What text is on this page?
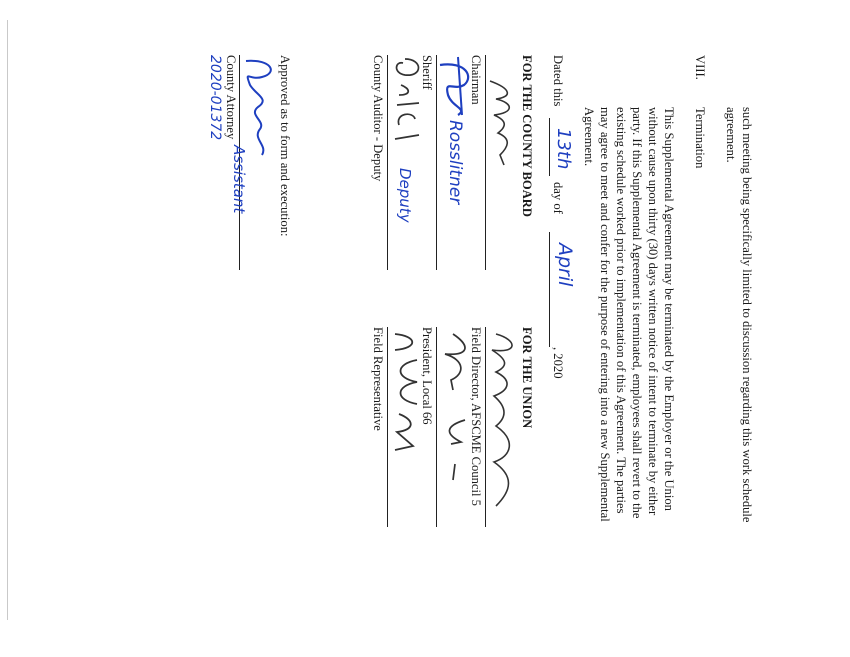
such meeting being specifically limited to discussion regarding this work schedule
agreement.
VIII.
Termination
This Supplemental Agreement may be terminated by the Employer or the Union
without cause upon thirty (30) days written notice of intent to terminate by either
party. If this Supplemental Agreement is terminated, employees shall revert to the
existing schedule worked prior to implementation of this Agreement. The parties
may agree to meet and confer for the purpose of entering into a new Supplemental
Agreement.
Dated this
13th
day of
April
, 2020
FOR THE COUNTY BOARD
FOR THE UNION
Chairman
Field Director, AFSCME Council 5
Rosslitner
Sheriff
President, Local 66
Deputy
County Auditor - Deputy
Field Representative
Approved as to form and execution:
County Attorney
Assistant
2020-01372
